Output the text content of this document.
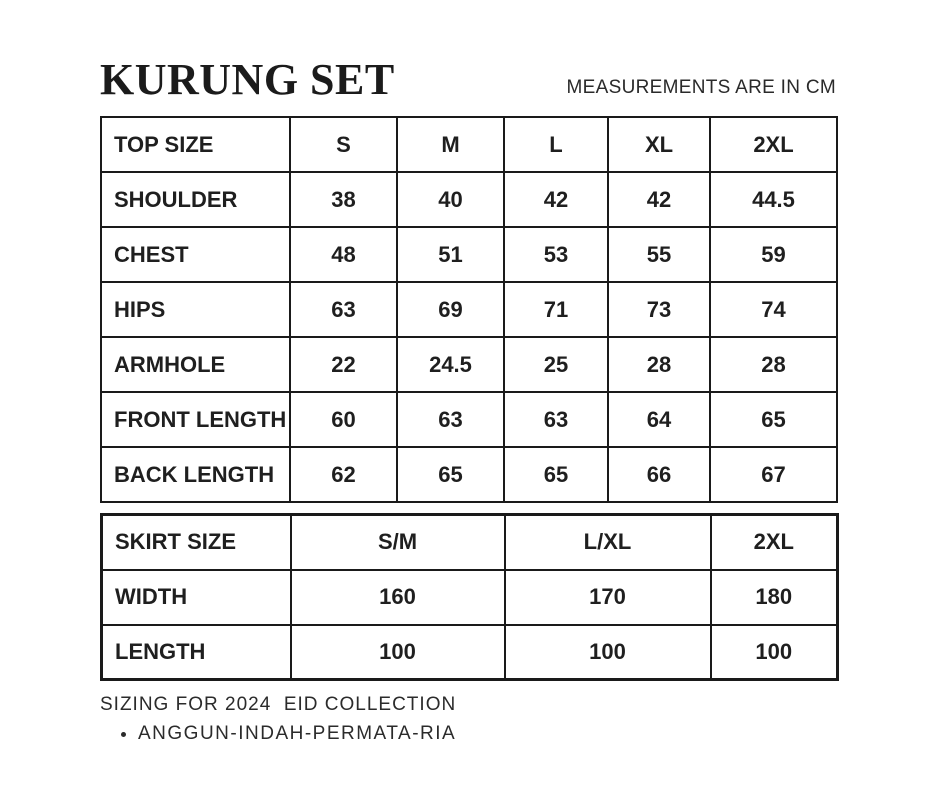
KURUNG SET	MEASUREMENTS ARE IN CM
TOP SIZE	S	M	L	XL	2XL
SHOULDER	38	40	42	42	44.5
CHEST	48	51	53	55	59
HIPS	63	69	71	73	74
ARMHOLE	22	24.5	25	28	28
FRONT LENGTH	60	63	63	64	65
BACK LENGTH	62	65	65	66	67
SKIRT SIZE	S/M	L/XL	2XL
WIDTH	160	170	180
LENGTH	100	100	100
SIZING FOR 2024  EID COLLECTION
• ANGGUN-INDAH-PERMATA-RIA
